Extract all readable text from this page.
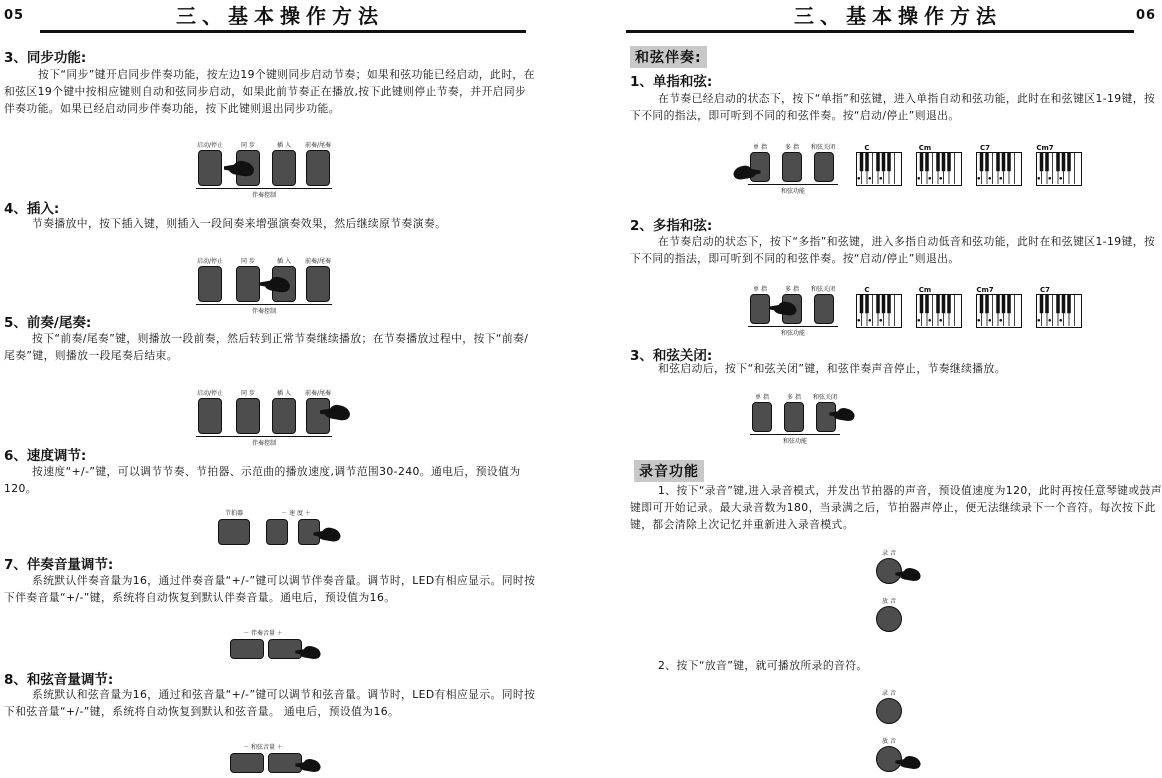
05	三、基本操作方法
3、同步功能:
按下“同步”键开启同步伴奏功能，按左边19个键则同步启动节奏；如果和弦功能已经启动，此时，在和弦区19个键中按相应键则自动和弦同步启动，如果此前节奏正在播放,按下此键则停止节奏，并开启同步伴奏功能。如果已经启动同步伴奏功能，按下此键则退出同步功能。
启动/停止	同 步	插 入	前奏/尾奏
伴奏控制
4、插入:
节奏播放中，按下插入键，则插入一段间奏来增强演奏效果，然后继续原节奏演奏。
启动/停止	同 步	插 入	前奏/尾奏
伴奏控制
5、前奏/尾奏:
按下“前奏/尾奏”键，则播放一段前奏，然后转到正常节奏继续播放；在节奏播放过程中，按下“前奏/尾奏”键，则播放一段尾奏后结束。
启动/停止	同 步	插 入	前奏/尾奏
伴奏控制
6、速度调节:
按速度“+/-”键，可以调节节奏、节拍器、示范曲的播放速度,调节范围30-240。通电后，预设值为120。
节拍器	－ 速 度 ＋
7、伴奏音量调节:
系统默认伴奏音量为16，通过伴奏音量“+/-”键可以调节伴奏音量。调节时，LED有相应显示。同时按下伴奏音量“+/-”键，系统将自动恢复到默认伴奏音量。通电后，预设值为16。
－ 伴奏音量 ＋
8、和弦音量调节:
系统默认和弦音量为16，通过和弦音量“+/-”键可以调节和弦音量。调节时，LED有相应显示。同时按下和弦音量“+/-”键，系统将自动恢复到默认和弦音量。 通电后，预设值为16。
－ 和弦音量 ＋
三、基本操作方法	06
和弦伴奏:
1、单指和弦:
在节奏已经启动的状态下，按下“单指”和弦键，进入单指自动和弦功能，此时在和弦键区1-19键，按下不同的指法，即可听到不同的和弦伴奏。按“启动/停止”则退出。
单 指	多 指	和弦关闭
和弦功能
C	Cm	C7	Cm7
2、多指和弦:
在节奏启动的状态下，按下“多指”和弦键，进入多指自动低音和弦功能，此时在和弦键区1-19键，按下不同的指法，即可听到不同的和弦伴奏。按“启动/停止”则退出。
单 指	多 指	和弦关闭
和弦功能
C	Cm	Cm7	C7
3、和弦关闭:
和弦启动后，按下“和弦关闭”键，和弦伴奏声音停止，节奏继续播放。
单 指	多 指	和弦关闭
和弦功能
录音功能
1、按下“录音”键,进入录音模式，并发出节拍器的声音，预设值速度为120，此时再按任意琴键或鼓声键即可开始记录。最大录音数为180，当录满之后，节拍器声停止，便无法继续录下一个音符。每次按下此键，都会清除上次记忆并重新进入录音模式。
录 音
放 音
2、按下“放音”键，就可播放所录的音符。
录 音
放 音
